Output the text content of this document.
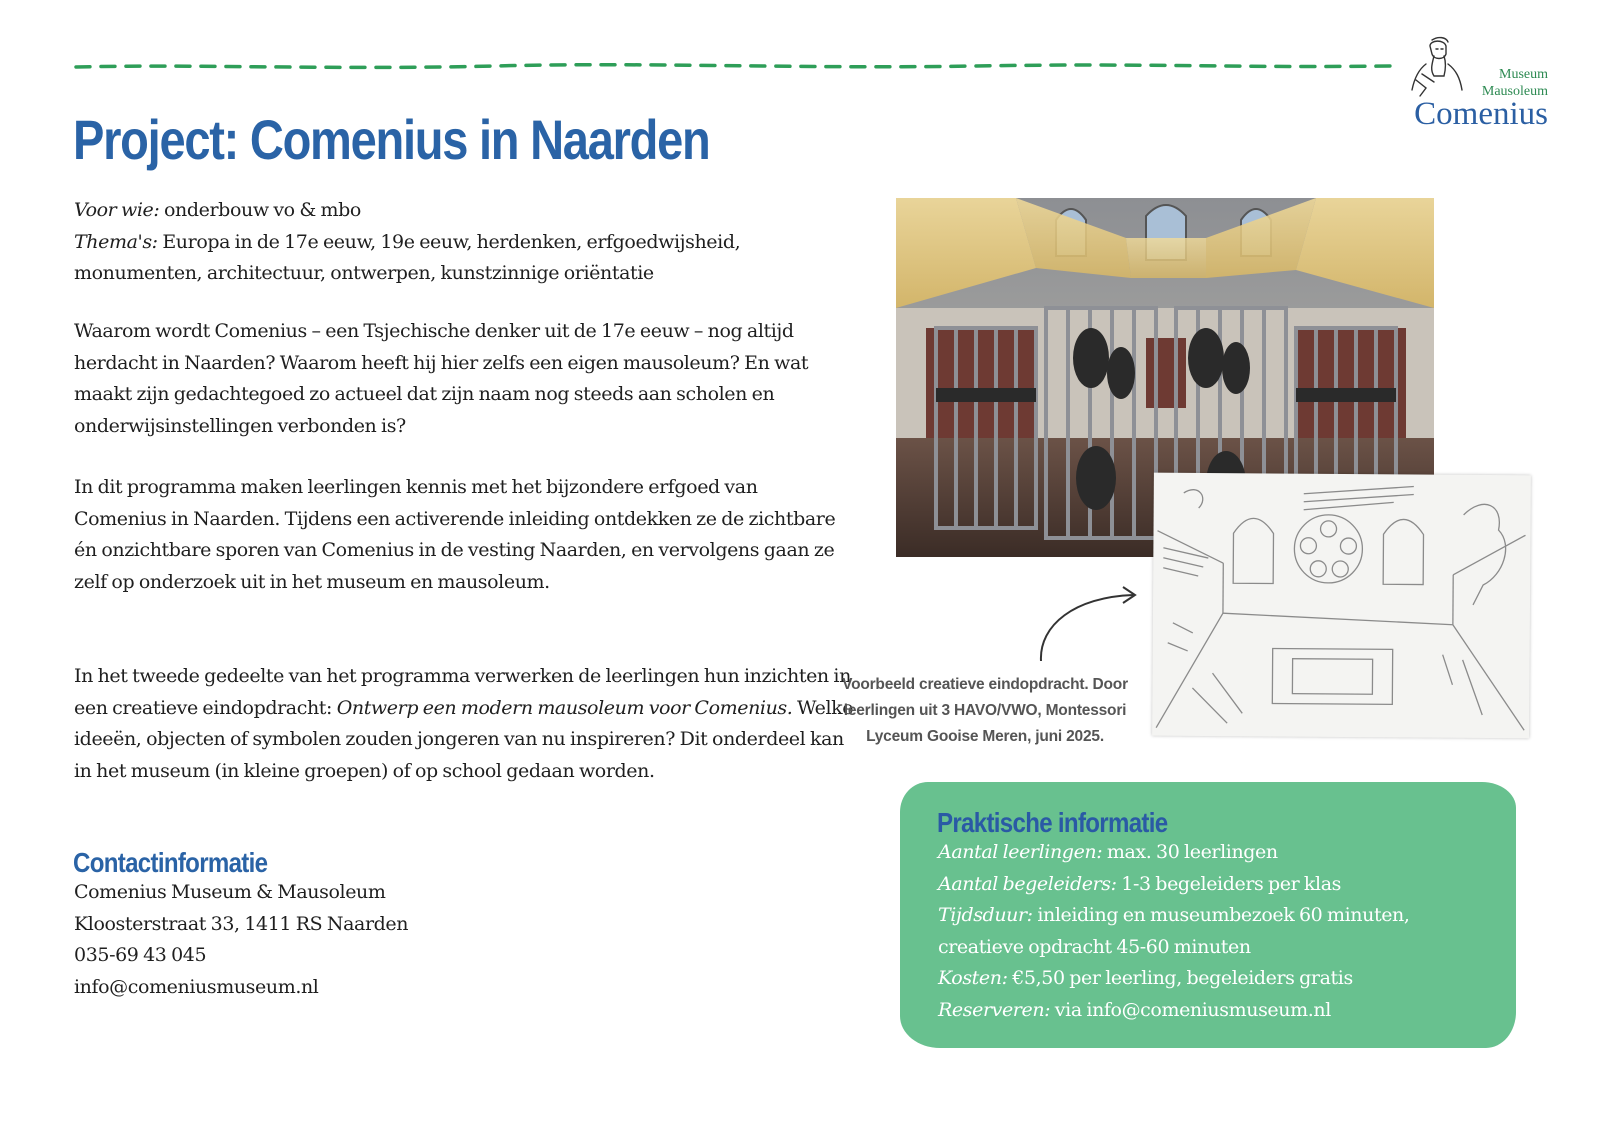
Museum
Mausoleum
Comenius
Project: Comenius in Naarden

Voor wie: onderbouw vo & mbo

Thema's: Europa in de 17e eeuw, 19e eeuw, herdenken, erfgoedwijsheid, monumenten, architectuur, ontwerpen, kunstzinnige oriëntatie

Waarom wordt Comenius – een Tsjechische denker uit de 17e eeuw – nog altijd herdacht in Naarden? Waarom heeft hij hier zelfs een eigen mausoleum? En wat maakt zijn gedachtegoed zo actueel dat zijn naam nog steeds aan scholen en onderwijsinstellingen verbonden is?

In dit programma maken leerlingen kennis met het bijzondere erfgoed van Comenius in Naarden. Tijdens een activerende inleiding ontdekken ze de zichtbare én onzichtbare sporen van Comenius in de vesting Naarden, en vervolgens gaan ze zelf op onderzoek uit in het museum en mausoleum.

In het tweede gedeelte van het programma verwerken de leerlingen hun inzichten in een creatieve eindopdracht: Ontwerp een modern mausoleum voor Comenius. Welke ideeën, objecten of symbolen zouden jongeren van nu inspireren? Dit onderdeel kan in het museum (in kleine groepen) of op school gedaan worden.

Contactinformatie

Comenius Museum & Mausoleum

Kloosterstraat 33, 1411 RS Naarden

035-69 43 045

info@comeniusmuseum.nl

Voorbeeld creatieve eindopdracht. Door
leerlingen uit 3 HAVO/VWO, Montessori
Lyceum Gooise Meren, juni 2025.
Praktische informatie

Aantal leerlingen: max. 30 leerlingen

Aantal begeleiders: 1-3 begeleiders per klas

Tijdsduur: inleiding en museumbezoek 60 minuten, creatieve opdracht 45-60 minuten

Kosten: €5,50 per leerling, begeleiders gratis

Reserveren: via info@comeniusmuseum.nl
